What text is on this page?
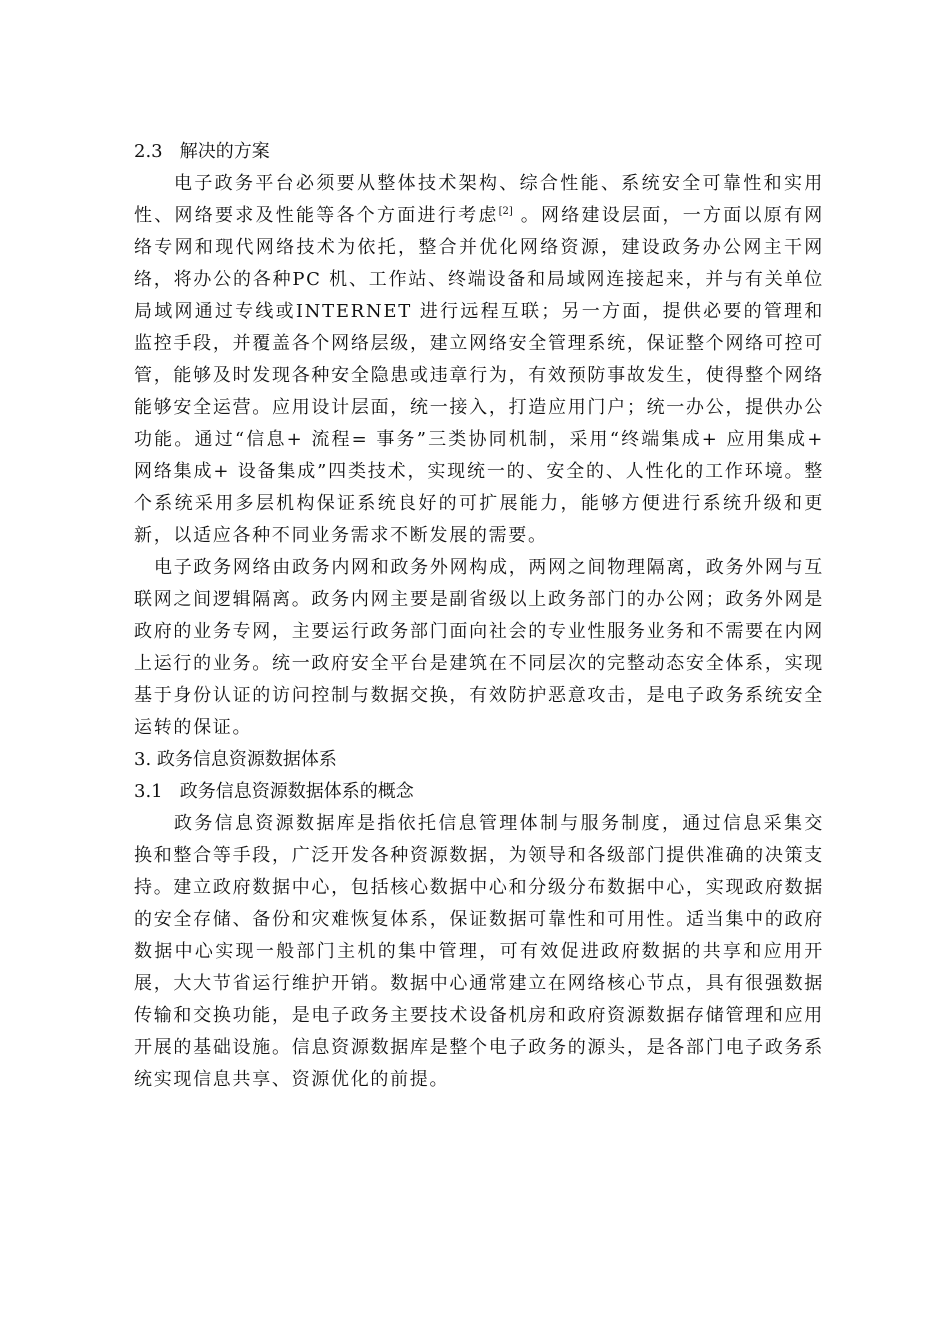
2.3   解决的方案

电子政务平台必须要从整体技术架构、综合性能、系统安全可靠性和实用性、网络要求及性能等各个方面进行考虑[2] 。网络建设层面，一方面以原有网络专网和现代网络技术为依托，整合并优化网络资源，建设政务办公网主干网络，将办公的各种PC 机、工作站、终端设备和局域网连接起来，并与有关单位局域网通过专线或INTERNET 进行远程互联；另一方面，提供必要的管理和监控手段，并覆盖各个网络层级，建立网络安全管理系统，保证整个网络可控可管，能够及时发现各种安全隐患或违章行为，有效预防事故发生，使得整个网络能够安全运营。应用设计层面，统一接入，打造应用门户；统一办公，提供办公功能。通过“信息+ 流程= 事务”三类协同机制，采用“终端集成+ 应用集成+ 网络集成+ 设备集成”四类技术，实现统一的、安全的、人性化的工作环境。整个系统采用多层机构保证系统良好的可扩展能力，能够方便进行系统升级和更新，以适应各种不同业务需求不断发展的需要。

电子政务网络由政务内网和政务外网构成，两网之间物理隔离，政务外网与互联网之间逻辑隔离。政务内网主要是副省级以上政务部门的办公网；政务外网是政府的业务专网，主要运行政务部门面向社会的专业性服务业务和不需要在内网上运行的业务。统一政府安全平台是建筑在不同层次的完整动态安全体系，实现基于身份认证的访问控制与数据交换，有效防护恶意攻击，是电子政务系统安全运转的保证。

3. 政务信息资源数据体系
3.1   政务信息资源数据体系的概念

政务信息资源数据库是指依托信息管理体制与服务制度，通过信息采集交换和整合等手段，广泛开发各种资源数据，为领导和各级部门提供准确的决策支持。建立政府数据中心，包括核心数据中心和分级分布数据中心，实现政府数据的安全存储、备份和灾难恢复体系，保证数据可靠性和可用性。适当集中的政府数据中心实现一般部门主机的集中管理，可有效促进政府数据的共享和应用开展，大大节省运行维护开销。数据中心通常建立在网络核心节点，具有很强数据传输和交换功能，是电子政务主要技术设备机房和政府资源数据存储管理和应用开展的基础设施。信息资源数据库是整个电子政务的源头，是各部门电子政务系统实现信息共享、资源优化的前提。
